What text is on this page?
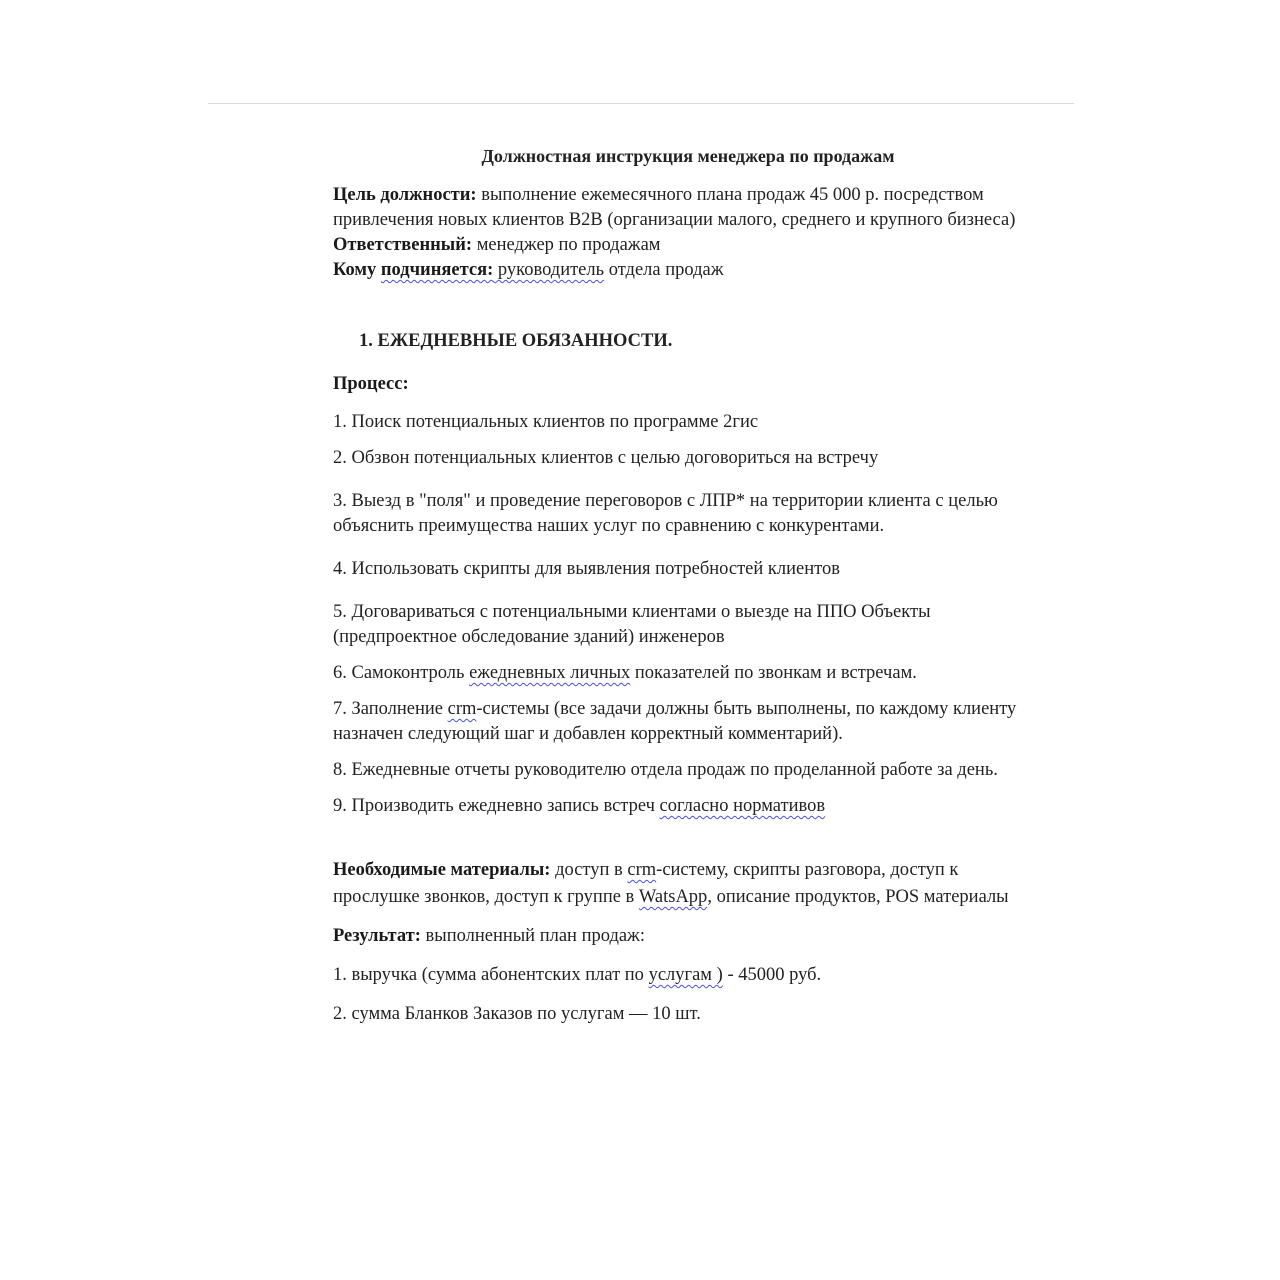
Должностная инструкция менеджера по продажам

Цель должности: выполнение ежемесячного плана продаж 45 000 р. посредством привлечения новых клиентов B2B (организации малого, среднего и крупного бизнеса)

Ответственный: менеджер по продажам

Кому подчиняется: руководитель отдела продаж

1. ЕЖЕДНЕВНЫЕ ОБЯЗАННОСТИ.

Процесс:

1. Поиск потенциальных клиентов по программе 2гис

2. Обзвон потенциальных клиентов с целью договориться на встречу

3. Выезд в "поля" и проведение переговоров с ЛПР* на территории клиента с целью объяснить преимущества наших услуг по сравнению с конкурентами.

4. Использовать скрипты для выявления потребностей клиентов

5. Договариваться с потенциальными клиентами о выезде на ППО Объекты (предпроектное обследование зданий) инженеров

6. Самоконтроль ежедневных личных показателей по звонкам и встречам.

7. Заполнение crm-системы (все задачи должны быть выполнены, по каждому клиенту назначен следующий шаг и добавлен корректный комментарий).

8. Ежедневные отчеты руководителю отдела продаж по проделанной работе за день.

9. Производить ежедневно запись встреч согласно нормативов

Необходимые материалы: доступ в crm-систему, скрипты разговора, доступ к прослушке звонков, доступ к группе в WatsApp, описание продуктов, POS материалы

Результат: выполненный план продаж:

1. выручка (сумма абонентских плат по услугам ) - 45000 руб.

2. сумма Бланков Заказов по услугам — 10 шт.
